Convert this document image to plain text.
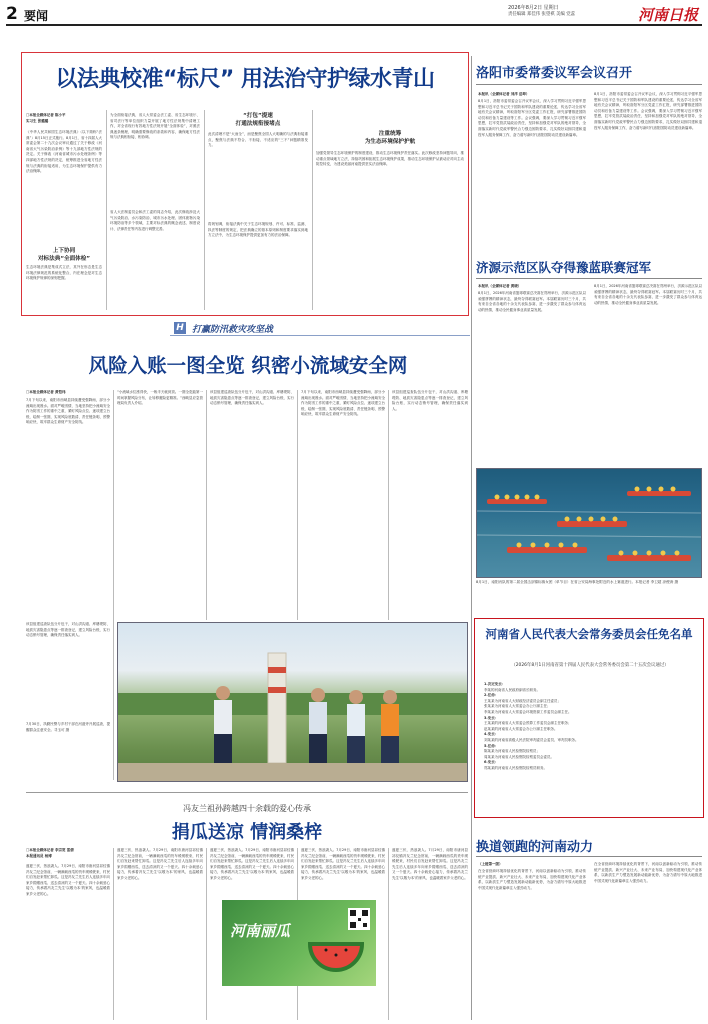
2 要闻
2026年8月2日 星期日
责任编辑 郑佳伟 张望祺 美编 党蕊	河南日报
以法典校准“标尺” 用法治守护绿水青山
□本报全媒体记者 陈小平
实习生 张璐璐
《中华人民共和国生态环境法典》（以下简称“法典”）8月15日正式施行。8月1日，省十四届人大常委会第二十九次会议审议通过了关于修改《河南省大气污染防治条例》等十九部地方性法规的决定。关于修改《河南省城市污水处理条例》等四部地方性法规的决定，统筹推进全省地方性法规与法典的衔接适用，为生态环境保护提供有力法治保障。
上下协同
对标法典“全面体检”
生态环境法典是集成式立法，其外在形态是生态环境法律规范的系统化整合，内在理念是对生态环境保护规律的深刻把握。
为全面衔接法典，省人大常委会法工委、省生态环境厅、省司法厅等单位组织力量开展了地方性法规集中清理工作，对全省现行有效地方性法规开展“全面体检”，对照法典逐条梳理，明确需要修改的条款和内容，确保地方性法规与法典相衔接、相协调。
省人大法制委员会和法工委的同志介绍，此次修改涉及大气污染防治、水污染防治、城市污水处理、固体废物污染环境防治等多个领域，主要对标法典的概念表述、制度设计、法律责任等内容进行调整完善。
“打包”提速
打通法规衔接堵点
此次清理不是“大而全”，而是聚焦全国人大明确的与法典衔接重点，聚焦与法典不符合、不衔接、不适应的“三不”问题精准发力。
将规划调，衔接法典中关于生态环境规划、许可、标准、监测、执法等制度的规定，把法典确立的基本原则和制度要求落实到地方立法中，为生态环境保护提供更加有力的法治保障。
注重统筹
为生态环境保护护航
加强党领导生态环境保护的制度建设，推动生态环境保护责任落实。此次修改坚持问题导向，推动重点领域地方立法，持续巩固和拓展生态环境保护成果，推动生态环境保护从被动应对向主动防控转变，为建设美丽河南提供坚实法治保障。
洛阳市委常委议军会议召开
本报讯（全媒体记者 刘洋 岳坤）
8月1日，洛阳市委常委会召开议军会议，深入学习贯彻习近平强军思想和习近平总书记关于国防和军队建设的重要论述，传达学习全省军地有关会议精神，听取洛阳军分区党委工作汇报，研究部署推进国防动员和后备力量建设等工作。会议强调，要深入学习贯彻习近平强军思想，扛牢党管武装政治责任，坚持和加强党对军队的绝对领导，全面落实新时代党政军警民合力强边固防要求，扎实做好双拥共建和退役军人服务保障工作，奋力谱写新时代洛阳国防动员建设新篇章。
8月1日，洛阳市委常委会召开议军会议，深入学习贯彻习近平强军思想和习近平总书记关于国防和军队建设的重要论述，传达学习全省军地有关会议精神，听取洛阳军分区党委工作汇报，研究部署推进国防动员和后备力量建设等工作。会议强调，要深入学习贯彻习近平强军思想，扛牢党管武装政治责任，坚持和加强党对军队的绝对领导，全面落实新时代党政军警民合力强边固防要求，扎实做好双拥共建和退役军人服务保障工作，奋力谱写新时代洛阳国防动员建设新篇章。
济源示范区队夺得豫蓝联赛冠军
本报讯（全媒体记者 黄晓）
8月1日，2026年河南省篮球联赛总决赛在郑州举行，济源示范区队以顽强拼搏的精神状态，最终夺得联赛冠军。本届联赛历时三个月，共有来自全省各地的十余支代表队参赛，进一步激发了群众参与体育运动的热情，推动全民健身事业高质量发展。
8月1日，2026年河南省篮球联赛总决赛在郑州举行，济源示范区队以顽强拼搏的精神状态，最终夺得联赛冠军。本届联赛历时三个月，共有来自全省各地的十余支代表队参赛，进一步激发了群众参与体育运动的热情，推动全民健身事业高质量发展。
8月1日，南阳丙队的第二届全国击剑锦标赛女团（单节目）在省公安局海事处附近的水上赛道进行。本报记者 李卫超 凉俊涛 摄
河南省人民代表大会常务委员会任免名单
（2026年8月1日河南省第十四届人民代表大会常务委员会第二十五次会议通过）
1.决定免去：
李某的河南省人民政府副省长职务。
2.任命：
王某某为河南省人大财政经济委员会副主任委员；
张某某为河南省人大常委会办公厅副主任；
李某某为河南省人大常委会环境资源工作委员会副主任。
3.免去：
王某某的河南省人大常委会预算工作委员会副主任职务；
赵某某的河南省人大常委会办公厅副主任职务。
4.免去：
刘某某的河南省高级人民法院审判委员会委员、审判员职务。
5.任命：
陈某某为河南省人民检察院检察员；
周某某为河南省人民检察院检察委员会委员。
6.免去：
郑某某的河南省人民检察院检察员职务。
换道领跑的河南动力
（上接第一版）
在全省营商环境持续优化的背景下，河南以创新驱动为引领，推动传统产业提质、新兴产业壮大、未来产业布局，加快构建现代化产业体系，以新质生产力塑造发展新动能新优势，为奋力谱写中原大地推进中国式现代化新篇章注入强劲动力。
在全省营商环境持续优化的背景下，河南以创新驱动为引领，推动传统产业提质、新兴产业壮大、未来产业布局，加快构建现代化产业体系，以新质生产力塑造发展新动能新优势，为奋力谱写中原大地推进中国式现代化新篇章注入强劲动力。
H 打赢防汛救灾攻坚战
风险入账一图全览 织密小流域安全网
□本报全媒体记者 黄恺玮
7月下旬以来，南阳市西峡县持续遭受强降雨，部分小流域出现涨水。面对严峻汛情，当地坚持把小流域安全作为防汛工作的重中之重，紧盯风险点位、逐项建立台账，绘制一张图，实现风险底数清、责任链条明、预警响应快，筑牢群众生命财产安全防线。
“小流域水位涨得快，一般半天就到顶。一图全览能第一时间掌握风险分布，让转移避险更精准。”西峡县应急管理局负责人介绍。
该县组建巡查队伍分片包干，对山洪沟道、库塘堤防、地质灾害隐患点等逐一排查登记，建立风险台账，实行动态销号管理，确保责任落实到人。
7月下旬以来，南阳市西峡县持续遭受强降雨，部分小流域出现涨水。面对严峻汛情，当地坚持把小流域安全作为防汛工作的重中之重，紧盯风险点位、逐项建立台账，绘制一张图，实现风险底数清、责任链条明、预警响应快，筑牢群众生命财产安全防线。
该县组建巡查队伍分片包干，对山洪沟道、库塘堤防、地质灾害隐患点等逐一排查登记，建立风险台账，实行动态销号管理，确保责任落实到人。
该县组建巡查队伍分片包干，对山洪沟道、库塘堤防、地质灾害隐患点等逐一排查登记，建立风险台账，实行动态销号管理，确保责任落实到人。
7月30日，执勤民警与乡村干部在河道旁开展巡查，提醒群众注意安全。寻玉可 摄
冯友兰祖孙跨越四十余载的爱心传承
捐瓜送凉 情润桑梓
□本报全媒体记者 李宗宽 雷倩
本报通讯员 杨博
盛夏三伏，热浪袭人。7月29日，南阳市唐河县祁仪镇冯友兰纪念馆前，一辆满载西瓜的货车缓缓驶来，村民们自发赶来帮忙卸瓜。这是冯友兰先生后人连续多年向家乡捐赠西瓜、送去清凉的又一个夏天。四十余载爱心接力，传承着冯友兰先生‘以敬为本’的家风，也温暖着家乡父老的心。
盛夏三伏，热浪袭人。7月29日，南阳市唐河县祁仪镇冯友兰纪念馆前，一辆满载西瓜的货车缓缓驶来，村民们自发赶来帮忙卸瓜。这是冯友兰先生后人连续多年向家乡捐赠西瓜、送去清凉的又一个夏天。四十余载爱心接力，传承着冯友兰先生‘以敬为本’的家风，也温暖着家乡父老的心。
盛夏三伏，热浪袭人。7月29日，南阳市唐河县祁仪镇冯友兰纪念馆前，一辆满载西瓜的货车缓缓驶来，村民们自发赶来帮忙卸瓜。这是冯友兰先生后人连续多年向家乡捐赠西瓜、送去清凉的又一个夏天。四十余载爱心接力，传承着冯友兰先生‘以敬为本’的家风，也温暖着家乡父老的心。
盛夏三伏，热浪袭人。7月29日，南阳市唐河县祁仪镇冯友兰纪念馆前，一辆满载西瓜的货车缓缓驶来，村民们自发赶来帮忙卸瓜。这是冯友兰先生后人连续多年向家乡捐赠西瓜、送去清凉的又一个夏天。四十余载爱心接力，传承着冯友兰先生‘以敬为本’的家风，也温暖着家乡父老的心。
盛夏三伏，热浪袭人。7月29日，南阳市唐河县祁仪镇冯友兰纪念馆前，一辆满载西瓜的货车缓缓驶来，村民们自发赶来帮忙卸瓜。这是冯友兰先生后人连续多年向家乡捐赠西瓜、送去清凉的又一个夏天。四十余载爱心接力，传承着冯友兰先生‘以敬为本’的家风，也温暖着家乡父老的心。
河南丽瓜
